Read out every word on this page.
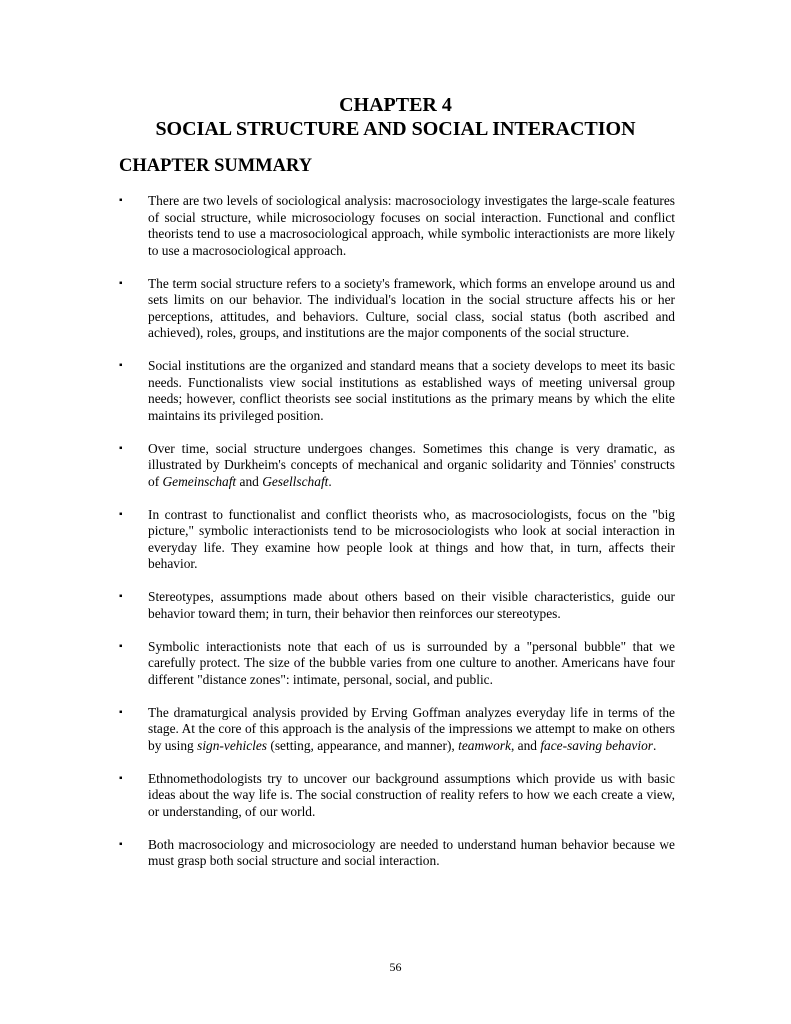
CHAPTER 4
SOCIAL STRUCTURE AND SOCIAL INTERACTION
CHAPTER SUMMARY
▪ There are two levels of sociological analysis: macrosociology investigates the large-scale features of social structure, while microsociology focuses on social interaction. Functional and conflict theorists tend to use a macrosociological approach, while symbolic interactionists are more likely to use a macrosociological approach.
▪ The term social structure refers to a society's framework, which forms an envelope around us and sets limits on our behavior. The individual's location in the social structure affects his or her perceptions, attitudes, and behaviors. Culture, social class, social status (both ascribed and achieved), roles, groups, and institutions are the major components of the social structure.
▪ Social institutions are the organized and standard means that a society develops to meet its basic needs. Functionalists view social institutions as established ways of meeting universal group needs; however, conflict theorists see social institutions as the primary means by which the elite maintains its privileged position.
▪ Over time, social structure undergoes changes. Sometimes this change is very dramatic, as illustrated by Durkheim's concepts of mechanical and organic solidarity and Tönnies' constructs of Gemeinschaft and Gesellschaft.
▪ In contrast to functionalist and conflict theorists who, as macrosociologists, focus on the "big picture," symbolic interactionists tend to be microsociologists who look at social interaction in everyday life. They examine how people look at things and how that, in turn, affects their behavior.
▪ Stereotypes, assumptions made about others based on their visible characteristics, guide our behavior toward them; in turn, their behavior then reinforces our stereotypes.
▪ Symbolic interactionists note that each of us is surrounded by a "personal bubble" that we carefully protect. The size of the bubble varies from one culture to another. Americans have four different "distance zones": intimate, personal, social, and public.
▪ The dramaturgical analysis provided by Erving Goffman analyzes everyday life in terms of the stage. At the core of this approach is the analysis of the impressions we attempt to make on others by using sign-vehicles (setting, appearance, and manner), teamwork, and face-saving behavior.
▪ Ethnomethodologists try to uncover our background assumptions which provide us with basic ideas about the way life is. The social construction of reality refers to how we each create a view, or understanding, of our world.
▪ Both macrosociology and microsociology are needed to understand human behavior because we must grasp both social structure and social interaction.
56
